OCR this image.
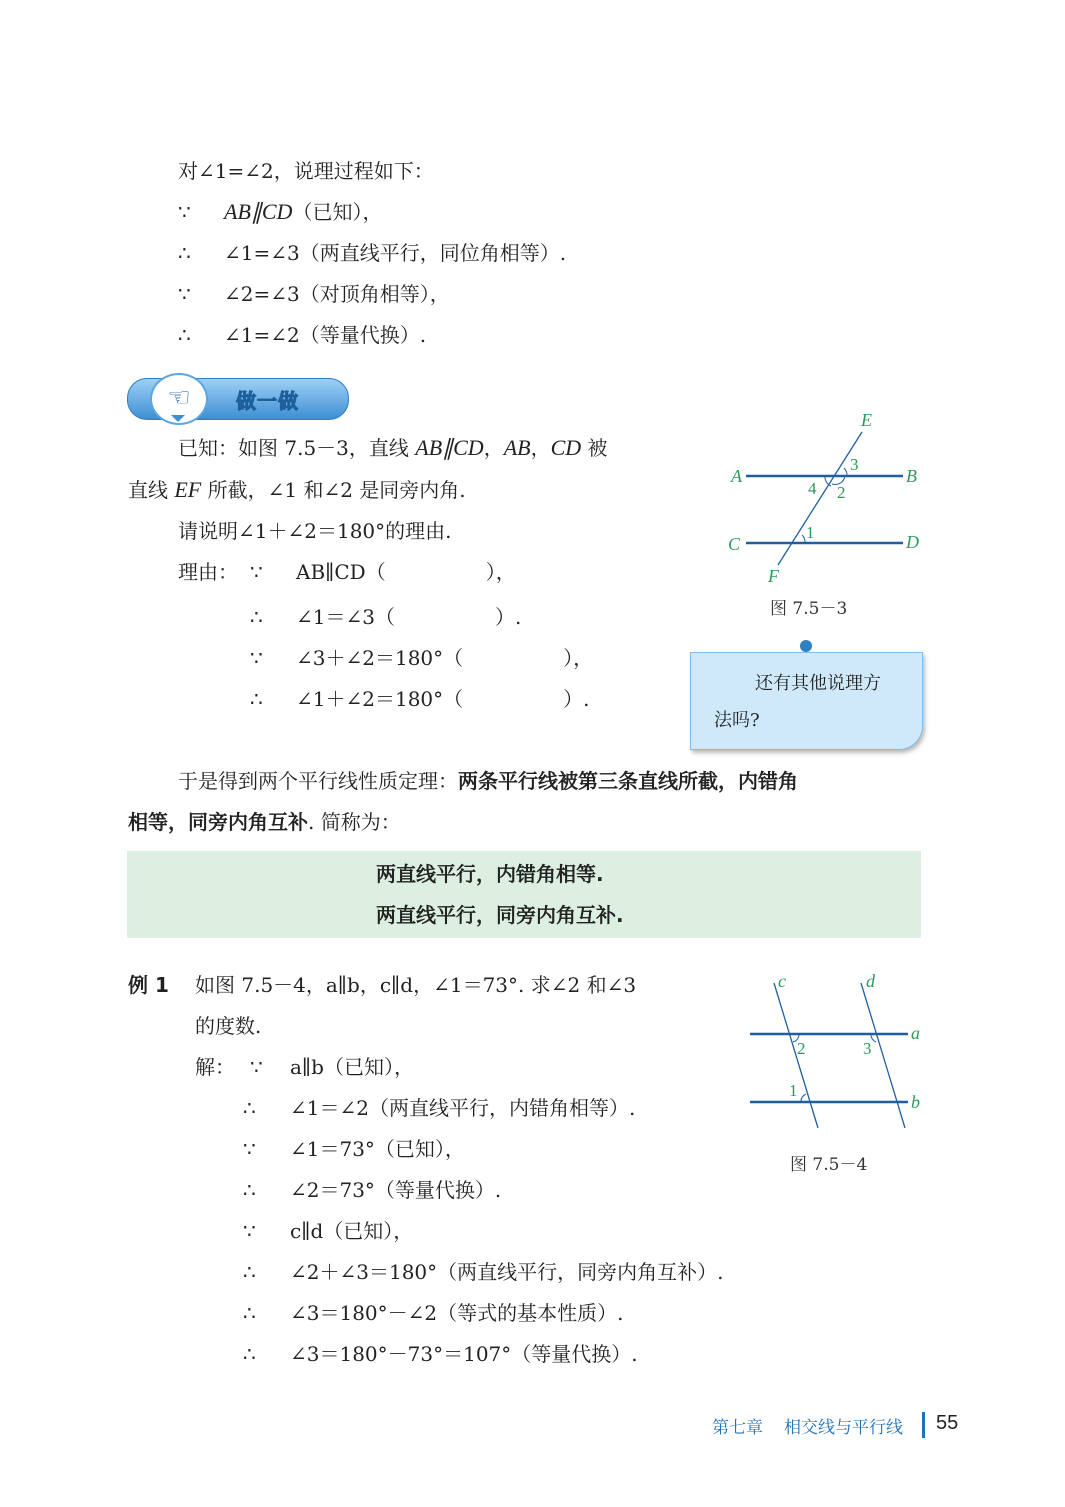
对∠1=∠2，说理过程如下：
∵ AB∥CD（已知），
∴ ∠1=∠3（两直线平行，同位角相等）.
∵ ∠2=∠3（对顶角相等），
∴ ∠1=∠2（等量代换）.
☜	做一做
已知：如图 7.5－3，直线 AB∥CD，AB，CD 被
直线 EF 所截，∠1 和∠2 是同旁内角.
请说明∠1＋∠2＝180°的理由.
理由： ∵ AB∥CD（　　　　　），
∴ ∠1＝∠3（　　　　　）.
∵ ∠3＋∠2＝180°（　　　　　），
∴ ∠1＋∠2＝180°（　　　　　）.
E
A	B
C	D
F
3
4 2
1
图 7.5－3
还有其他说理方
法吗?
于是得到两个平行线性质定理：两条平行线被第三条直线所截，内错角
相等，同旁内角互补. 简称为：
两直线平行，内错角相等.
两直线平行，同旁内角互补.
例 1 如图 7.5－4，a∥b，c∥d，∠1＝73°. 求∠2 和∠3
的度数.
解： ∵ a∥b（已知），
∴ ∠1＝∠2（两直线平行，内错角相等）.
∵ ∠1＝73°（已知），
∴ ∠2＝73°（等量代换）.
∵ c∥d（已知），
∴ ∠2＋∠3＝180°（两直线平行，同旁内角互补）.
∴ ∠3＝180°－∠2（等式的基本性质）.
∴ ∠3＝180°－73°＝107°（等量代换）.
c	d
a
b
2	3
1
图 7.5－4
第七章 相交线与平行线 55
